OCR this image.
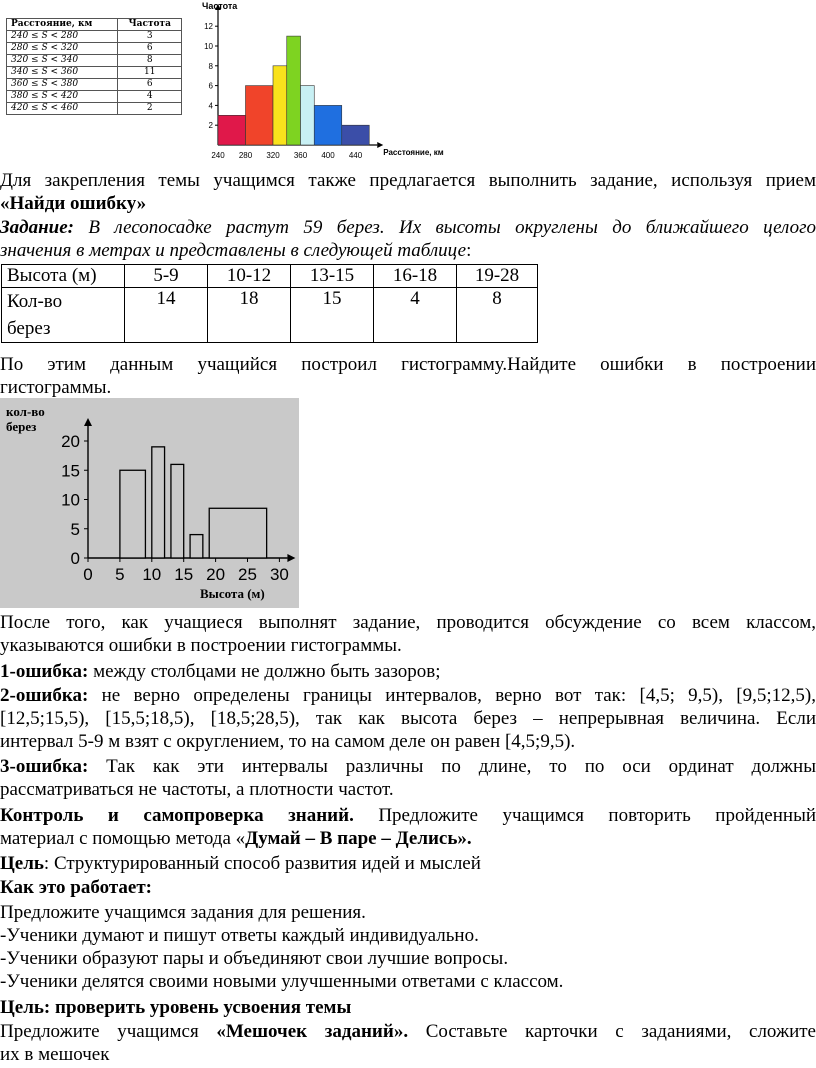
Расстояние, км	Частота
240 ≤ S < 280	3
280 ≤ S < 320	6
320 ≤ S < 340	8
340 ≤ S < 360	11
360 ≤ S < 380	6
380 ≤ S < 420	4
420 ≤ S < 460	2
2
4
6
8
10
12
240 280 320 360 400 440
Частота
Расстояние, км
Для закрепления темы учащимся также предлагается выполнить задание, используя прием
«Найди ошибку»
Задание: В лесопосадке растут 59 берез. Их высоты округлены до ближайшего целого
значения в метрах и представлены в следующей таблице:
Высота (м)	5-9	10-12	13-15	16-18	19-28

Кол-во
берез	14	18	15	4	8
По этим данным учащийся построил гистограмму.Найдите ошибки в построении
гистограммы.
0
5
10
15
20
0 5 10 15 20 25 30
кол-во
берез
Высота (м)
После того, как учащиеся выполнят задание, проводится обсуждение со всем классом,
указываются ошибки в построении гистограммы.
1-ошибка: между столбцами не должно быть зазоров;
2-ошибка: не верно определены границы интервалов, верно вот так: [4,5; 9,5), [9,5;12,5),
[12,5;15,5), [15,5;18,5), [18,5;28,5), так как высота берез – непрерывная величина. Если
интервал 5-9 м взят с округлением, то на самом деле он равен [4,5;9,5).
3-ошибка: Так как эти интервалы различны по длине, то по оси ординат должны
рассматриваться не частоты, а плотности частот.
Контроль и самопроверка знаний. Предложите учащимся повторить пройденный
материал с помощью метода «Думай – В паре – Делись».
Цель: Структурированный способ развития идей и мыслей
Как это работает:
Предложите учащимся задания для решения.
-Ученики думают и пишут ответы каждый индивидуально.
-Ученики образуют пары и объединяют свои лучшие вопросы.
-Ученики делятся своими новыми улучшенными ответами с классом.
Цель: проверить уровень усвоения темы
Предложите учащимся «Мешочек заданий». Составьте карточки с заданиями, сложите
их в мешочек
